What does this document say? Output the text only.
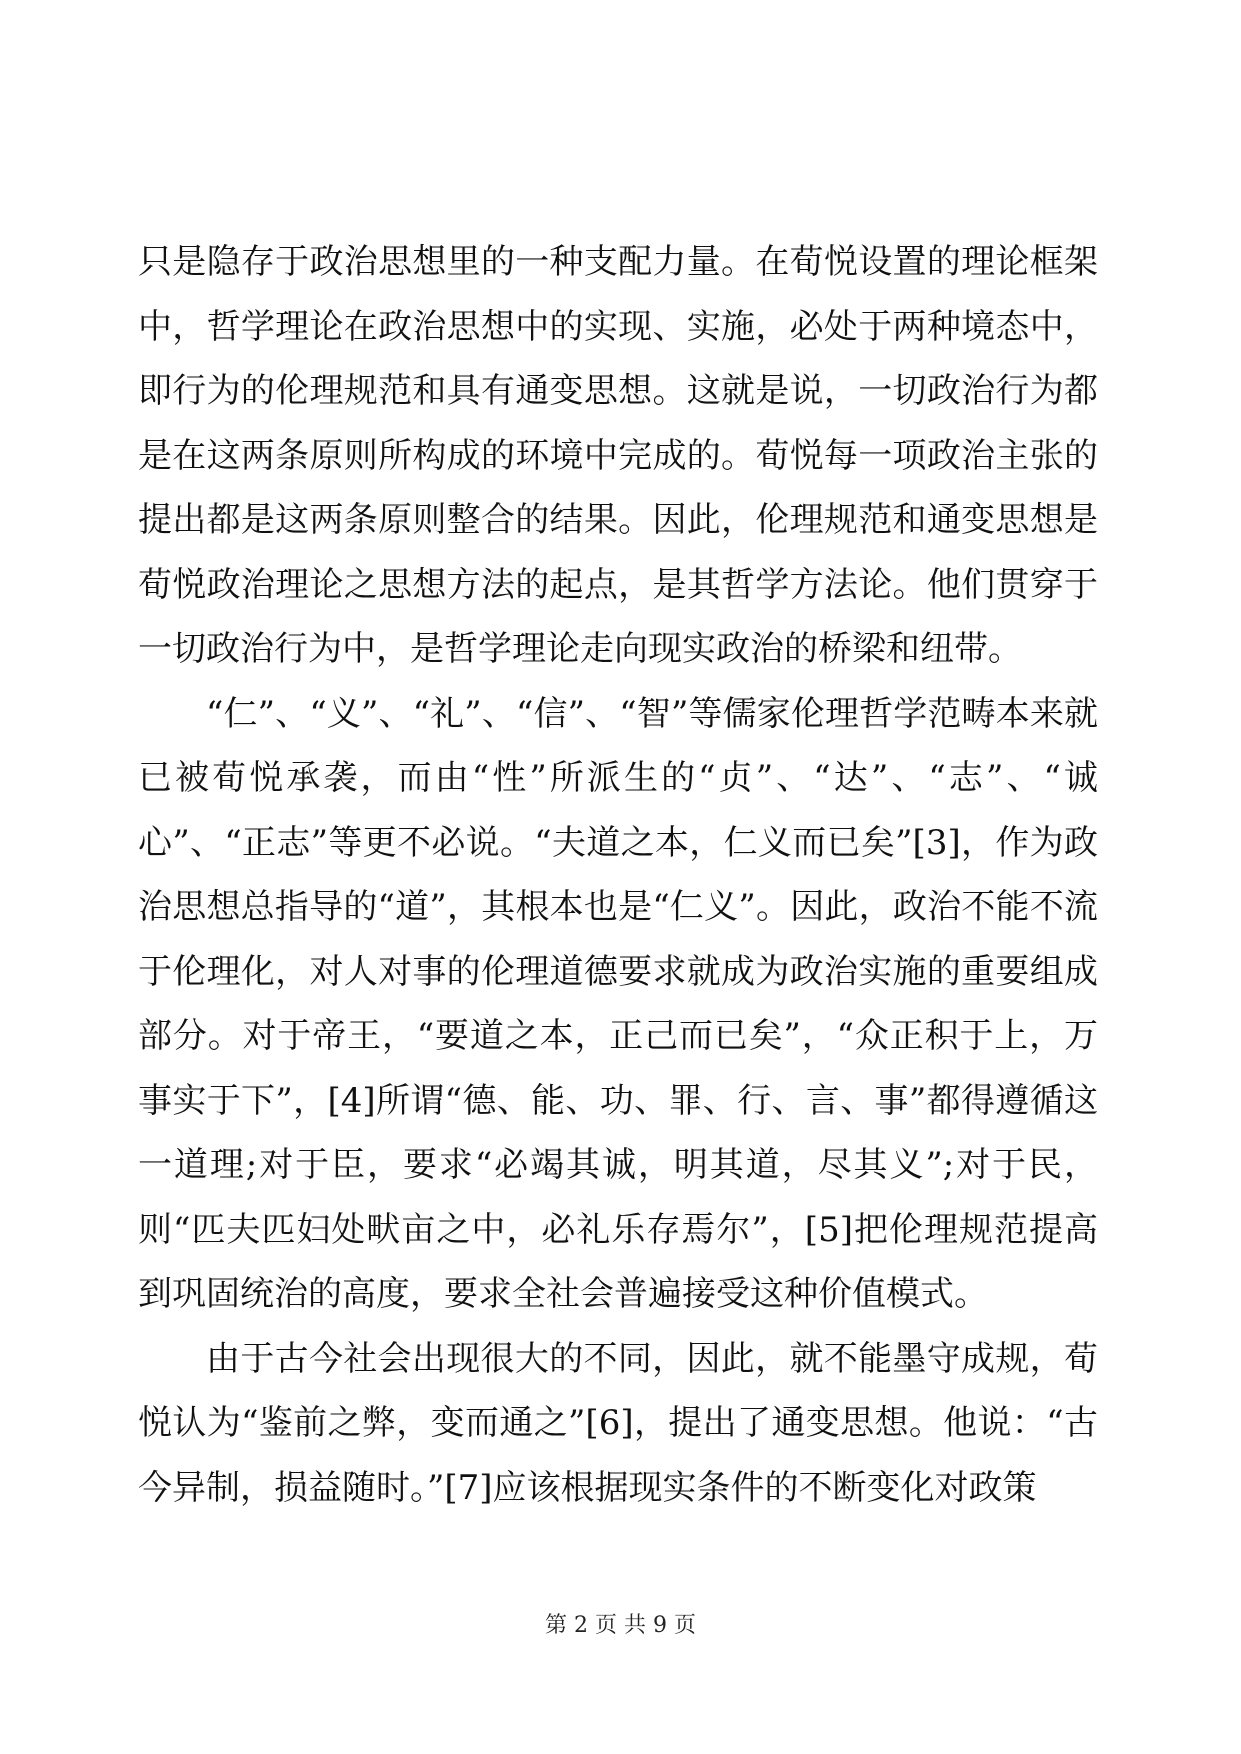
只是隐存于政治思想里的一种支配力量。在荀悦设置的理论框架中，哲学理论在政治思想中的实现、实施，必处于两种境态中，即行为的伦理规范和具有通变思想。这就是说，一切政治行为都是在这两条原则所构成的环境中完成的。荀悦每一项政治主张的提出都是这两条原则整合的结果。因此，伦理规范和通变思想是荀悦政治理论之思想方法的起点，是其哲学方法论。他们贯穿于一切政治行为中，是哲学理论走向现实政治的桥梁和纽带。

“仁”、“义”、“礼”、“信”、“智”等儒家伦理哲学范畴本来就已被荀悦承袭，而由“性”所派生的“贞”、“达”、“志”、“诚心”、“正志”等更不必说。“夫道之本，仁义而已矣”[3]，作为政治思想总指导的“道”，其根本也是“仁义”。因此，政治不能不流于伦理化，对人对事的伦理道德要求就成为政治实施的重要组成部分。对于帝王，“要道之本，正己而已矣”，“众正积于上，万事实于下”，[4]所谓“德、能、功、罪、行、言、事”都得遵循这一道理;对于臣，要求“必竭其诚，明其道，尽其义”;对于民，则“匹夫匹妇处畎亩之中，必礼乐存焉尔”，[5]把伦理规范提高到巩固统治的高度，要求全社会普遍接受这种价值模式。

由于古今社会出现很大的不同，因此，就不能墨守成规，荀悦认为“鉴前之弊，变而通之”[6]，提出了通变思想。他说：“古今异制，损益随时。”[7]应该根据现实条件的不断变化对政策

第 2 页 共 9 页
